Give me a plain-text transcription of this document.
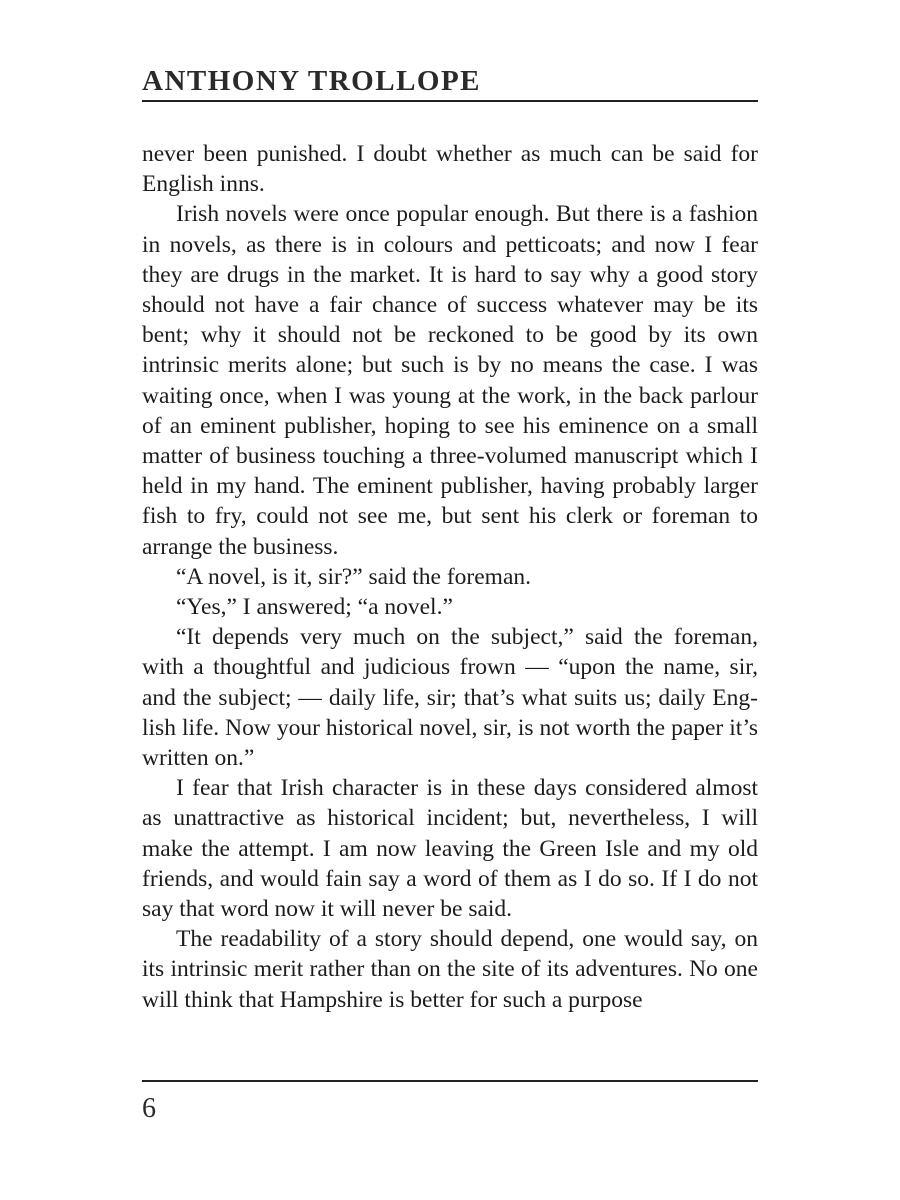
ANTHONY TROLLOPE

never been punished. I doubt whether as much can be said for English inns.

Irish novels were once popular enough. But there is a fashion in novels, as there is in colours and petticoats; and now I fear they are drugs in the market. It is hard to say why a good story should not have a fair chance of success whatever may be its bent; why it should not be reckoned to be good by its own intrinsic merits alone; but such is by no means the case. I was waiting once, when I was young at the work, in the back parlour of an eminent publisher, hoping to see his eminence on a small matter of business touching a three-volumed manuscript which I held in my hand. The eminent publisher, having probably larger fish to fry, could not see me, but sent his clerk or foreman to arrange the business.

“A novel, is it, sir?” said the foreman.

“Yes,” I answered; “a novel.”

“It depends very much on the subject,” said the foreman, with a thoughtful and judicious frown — “upon the name, sir, and the subject; — daily life, sir; that’s what suits us; daily English life. Now your historical novel, sir, is not worth the paper it’s written on.”

I fear that Irish character is in these days considered almost as unattractive as historical incident; but, nevertheless, I will make the attempt. I am now leaving the Green Isle and my old friends, and would fain say a word of them as I do so. If I do not say that word now it will never be said.

The readability of a story should depend, one would say, on its intrinsic merit rather than on the site of its adventures. No one will think that Hampshire is better for such a purpose

6
